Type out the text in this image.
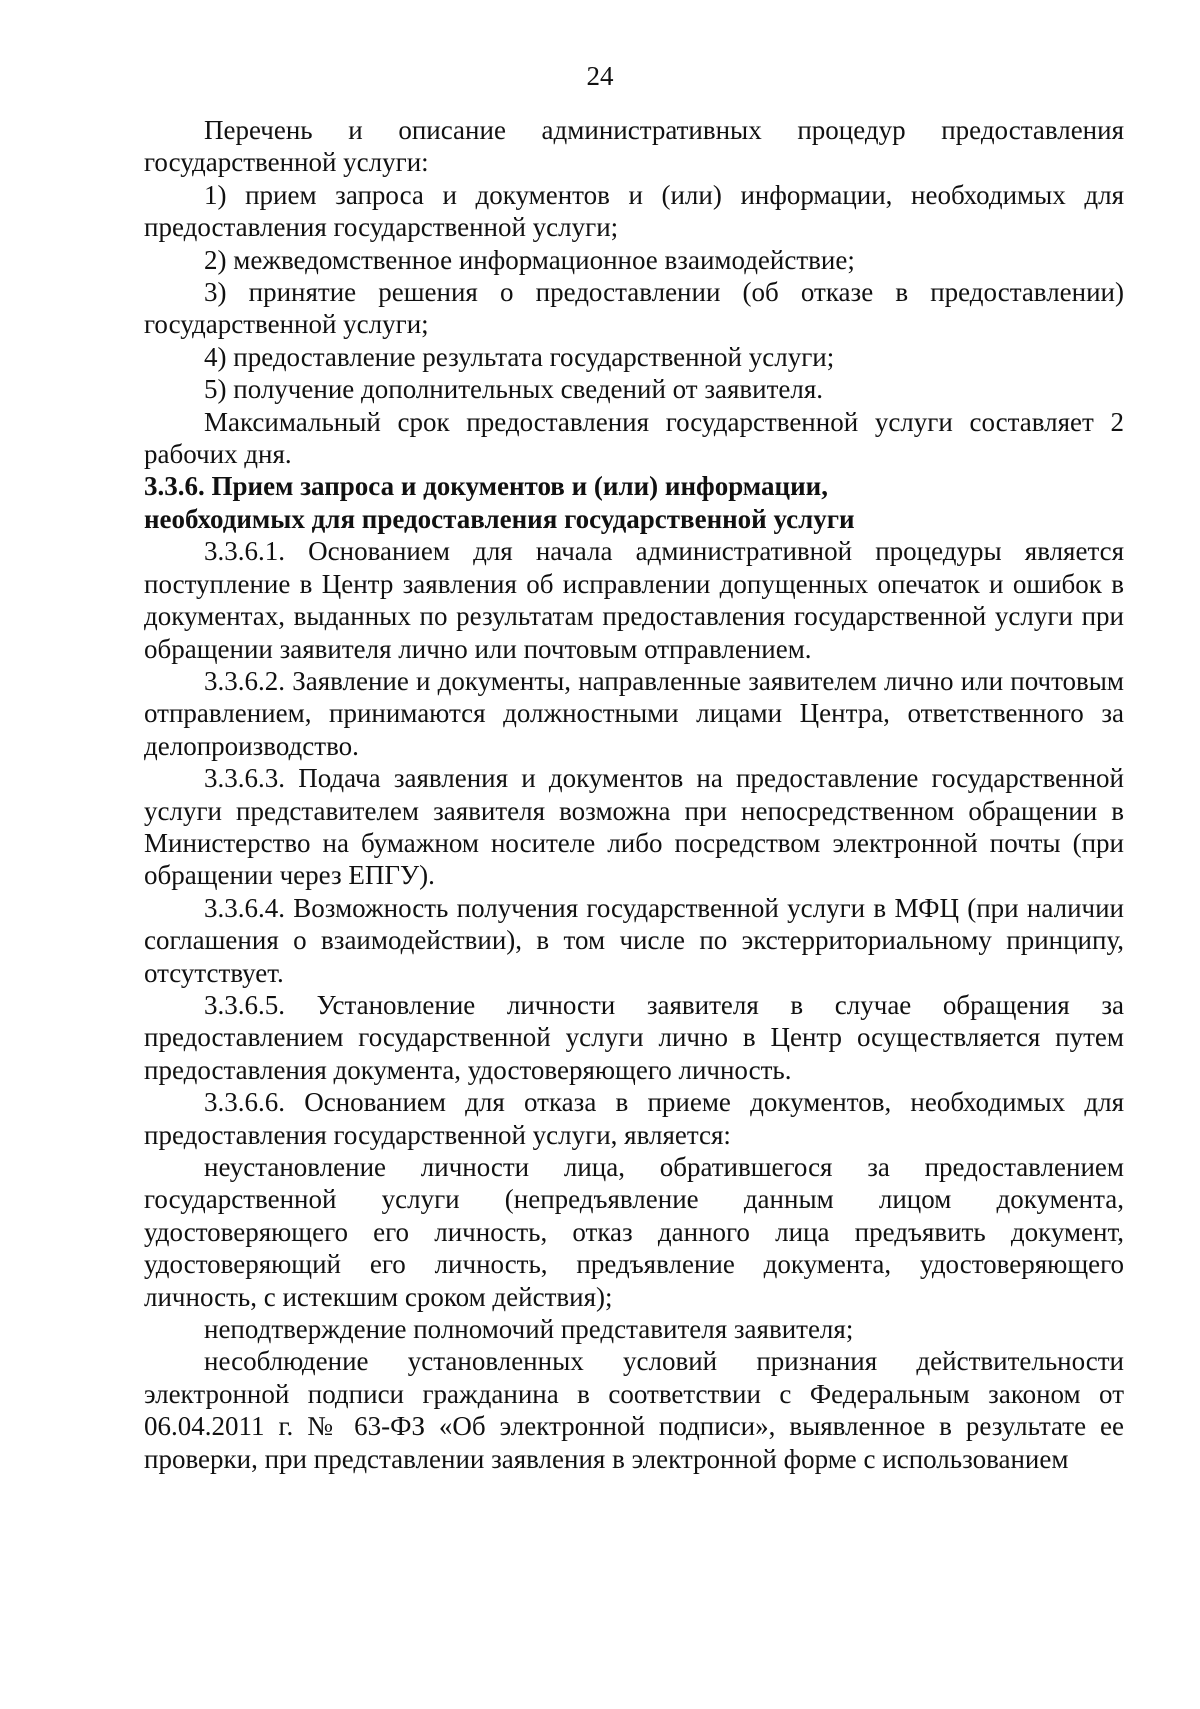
24

Перечень и описание административных процедур предоставления государственной услуги:

1) прием запроса и документов и (или) информации, необходимых для предоставления государственной услуги;

2) межведомственное информационное взаимодействие;

3) принятие решения о предоставлении (об отказе в предоставлении) государственной услуги;

4) предоставление результата государственной услуги;

5) получение дополнительных сведений от заявителя.

Максимальный срок предоставления государственной услуги составляет 2 рабочих дня.

3.3.6. Прием запроса и документов и (или) информации,
необходимых для предоставления государственной услуги

3.3.6.1. Основанием для начала административной процедуры является поступление в Центр заявления об исправлении допущенных опечаток и ошибок в документах, выданных по результатам предоставления государственной услуги при обращении заявителя лично или почтовым отправлением.

3.3.6.2. Заявление и документы, направленные заявителем лично или почтовым отправлением, принимаются должностными лицами Центра, ответственного за делопроизводство.

3.3.6.3. Подача заявления и документов на предоставление государственной услуги представителем заявителя возможна при непосредственном обращении в Министерство на бумажном носителе либо посредством электронной почты (при обращении через ЕПГУ).

3.3.6.4. Возможность получения государственной услуги в МФЦ (при наличии соглашения о взаимодействии), в том числе по экстерриториальному принципу, отсутствует.

3.3.6.5. Установление личности заявителя в случае обращения за предоставлением государственной услуги лично в Центр осуществляется путем предоставления документа, удостоверяющего личность.

3.3.6.6. Основанием для отказа в приеме документов, необходимых для предоставления государственной услуги, является:

неустановление личности лица, обратившегося за предоставлением государственной услуги (непредъявление данным лицом документа, удостоверяющего его личность, отказ данного лица предъявить документ, удостоверяющий его личность, предъявление документа, удостоверяющего личность, с истекшим сроком действия);

неподтверждение полномочий представителя заявителя;

несоблюдение установленных условий признания действительности электронной подписи гражданина в соответствии с Федеральным законом от 06.04.2011 г. № 63-ФЗ «Об электронной подписи», выявленное в результате ее проверки, при представлении заявления в электронной форме с использованием
